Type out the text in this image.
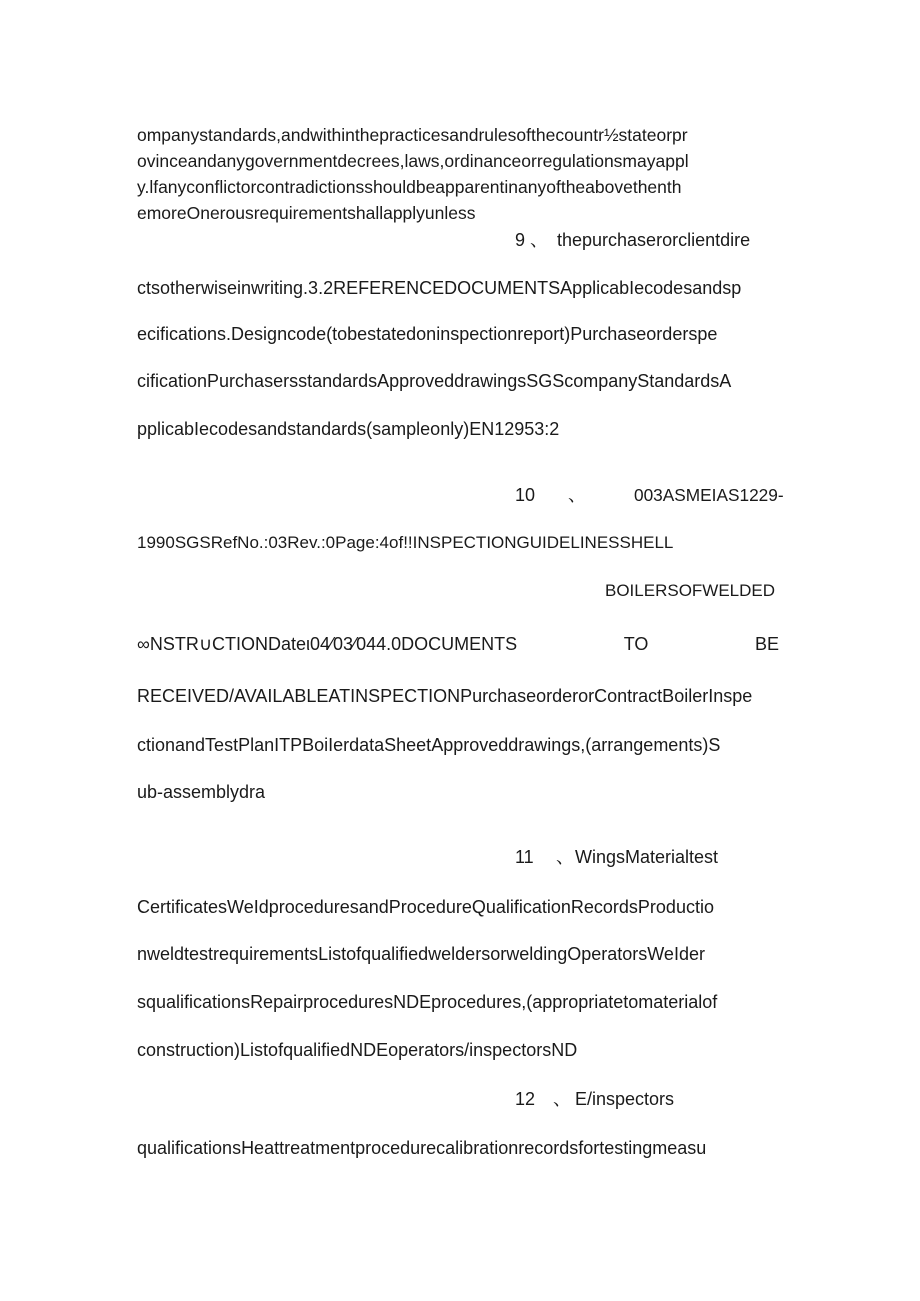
ompanystandards,andwithinthepracticesandrulesofthecountr½stateorpr
ovinceandanygovernmentdecrees,laws,ordinanceorregulationsmayappl
y.lfanyconflictorcontradictionsshouldbeapparentinanyoftheabovethenth
emoreOnerousrequirementshallapplyunless
9 、 thepurchaserorclientdire
ctsotherwiseinwriting.3.2REFERENCEDOCUMENTSApplicabIecodesandsp
ecifications.Designcode(tobestatedoninspectionreport)Purchaseorderspe
cificationPurchasersstandardsApproveddrawingsSGScompanyStandardsA
pplicabIecodesandstandards(sampleonly)EN12953:2
10 、	003ASMEIAS1229-
1990SGSRefNo.:03Rev.:0Page:4of!!INSPECTIONGUIDELINESSHELL
BOILERSOFWELDED
∞NSTR∪CTIONDateι04⁄03⁄044.0DOCUMENTS	TO	BE
RECEIVED/AVAILABLEATINSPECTIONPurchaseorderorContractBoilerInspe
ctionandTestPlanITPBoiIerdataSheetApproveddrawings,(arrangements)S
ub-assemblydra
11 、 WingsMaterialtest
CertificatesWeIdproceduresandProcedureQualificationRecordsProductio
nweldtestrequirementsListofqualifiedweldersorweldingOperatorsWeIder
squalificationsRepairproceduresNDEprocedures,(appropriatetomaterialof
construction)ListofqualifiedNDEoperators/inspectorsND
12 、 E/inspectors
qualificationsHeattreatmentprocedurecalibrationrecordsfortestingmeasu
